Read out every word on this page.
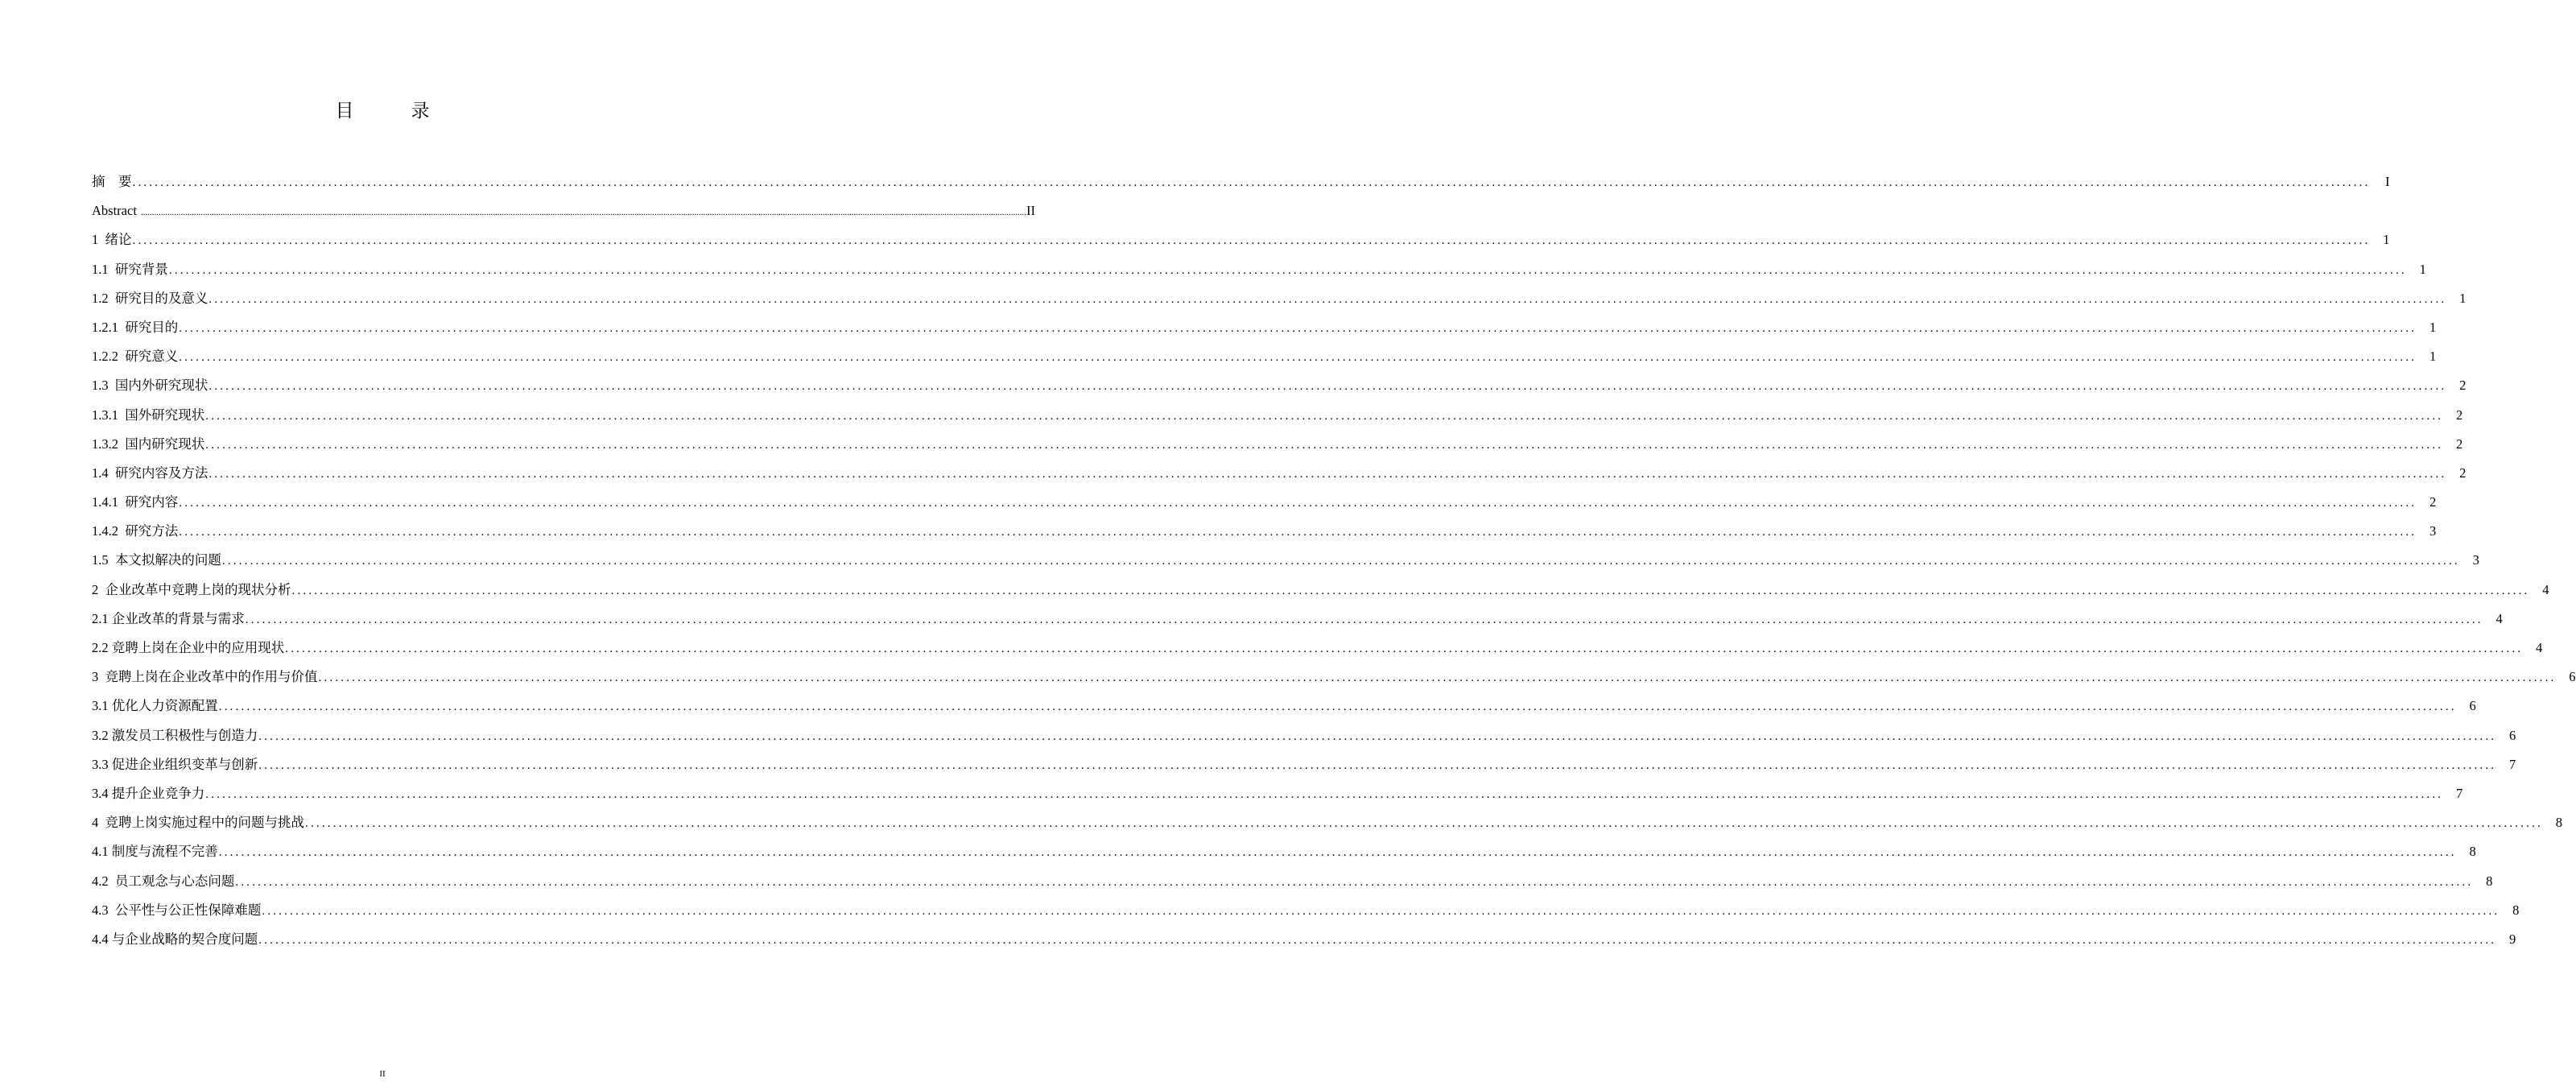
目　录
摘　要 ................................................................................................................................................................................................................................................................................................................................................................................................................	I
Abstract ................................................................................................................................................................................................................................................................................................................................................................................................................ II
1  绪论 ................................................................................................................................................................................................................................................................................................................................................................................................................ 1
1.1  研究背景 ................................................................................................................................................................................................................................................................................................................................................................................................................ 1
1.2  研究目的及意义 ................................................................................................................................................................................................................................................................................................................................................................................................................ 1
1.2.1  研究目的 ................................................................................................................................................................................................................................................................................................................................................................................................................ 1
1.2.2  研究意义 ................................................................................................................................................................................................................................................................................................................................................................................................................ 1
1.3  国内外研究现状 ................................................................................................................................................................................................................................................................................................................................................................................................................ 2
1.3.1  国外研究现状 ................................................................................................................................................................................................................................................................................................................................................................................................................ 2
1.3.2  国内研究现状 ................................................................................................................................................................................................................................................................................................................................................................................................................ 2
1.4  研究内容及方法 ................................................................................................................................................................................................................................................................................................................................................................................................................ 2
1.4.1  研究内容 ................................................................................................................................................................................................................................................................................................................................................................................................................ 2
1.4.2  研究方法 ................................................................................................................................................................................................................................................................................................................................................................................................................ 3
1.5  本文拟解决的问题 ................................................................................................................................................................................................................................................................................................................................................................................................................ 3
2  企业改革中竞聘上岗的现状分析 ................................................................................................................................................................................................................................................................................................................................................................................................................ 4
2.1 企业改革的背景与需求 ................................................................................................................................................................................................................................................................................................................................................................................................................ 4
2.2 竞聘上岗在企业中的应用现状 ................................................................................................................................................................................................................................................................................................................................................................................................................ 4
3  竞聘上岗在企业改革中的作用与价值 ................................................................................................................................................................................................................................................................................................................................................................................................................ 6
3.1 优化人力资源配置 ................................................................................................................................................................................................................................................................................................................................................................................................................ 6
3.2 激发员工积极性与创造力 ................................................................................................................................................................................................................................................................................................................................................................................................................ 6
3.3 促进企业组织变革与创新 ................................................................................................................................................................................................................................................................................................................................................................................................................ 7
3.4 提升企业竞争力 ................................................................................................................................................................................................................................................................................................................................................................................................................ 7
4  竞聘上岗实施过程中的问题与挑战 ................................................................................................................................................................................................................................................................................................................................................................................................................ 8
4.1 制度与流程不完善 ................................................................................................................................................................................................................................................................................................................................................................................................................ 8
4.2  员工观念与心态问题 ................................................................................................................................................................................................................................................................................................................................................................................................................ 8
4.3  公平性与公正性保障难题 ................................................................................................................................................................................................................................................................................................................................................................................................................ 8
4.4 与企业战略的契合度问题 ................................................................................................................................................................................................................................................................................................................................................................................................................ 9
II
